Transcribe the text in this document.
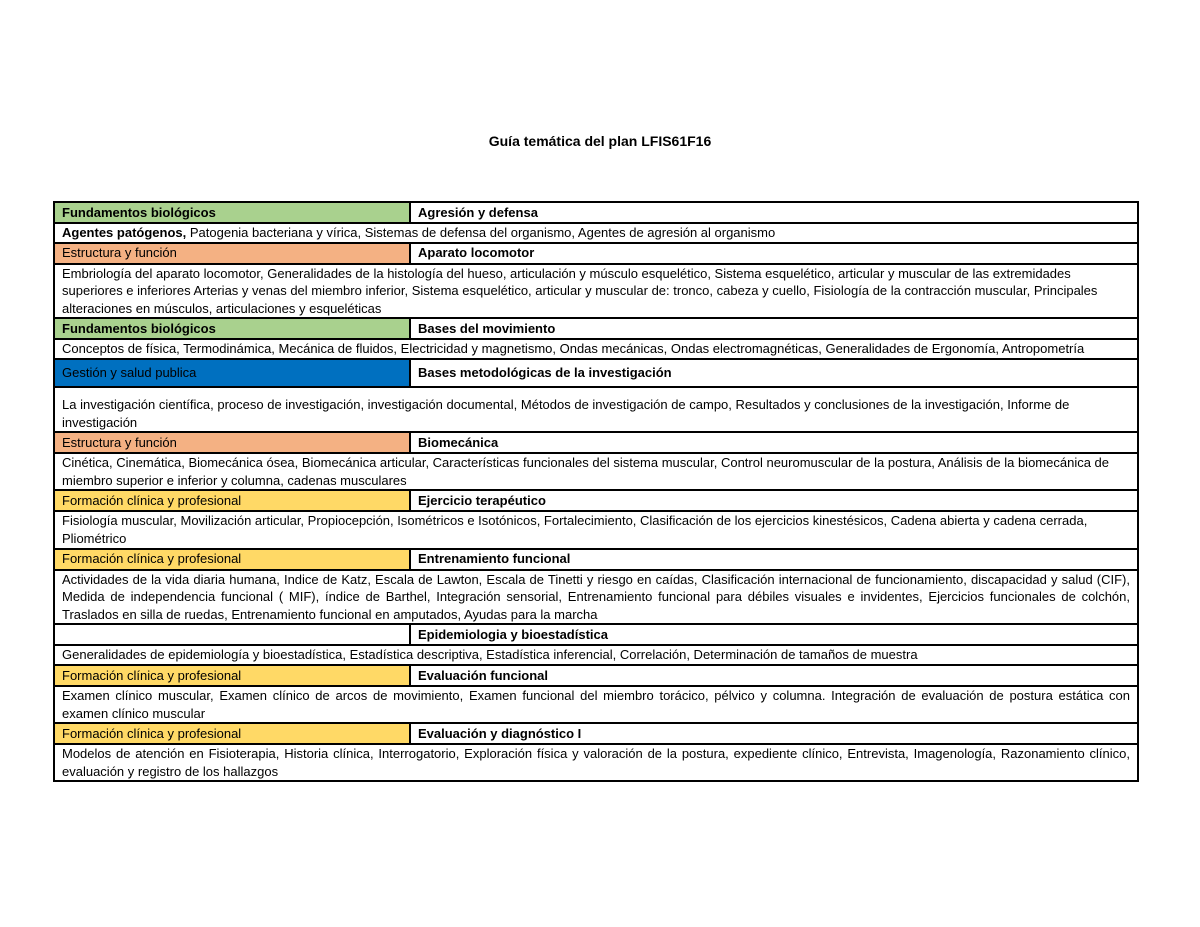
Guía temática del plan LFIS61F16
Fundamentos biológicos	Agresión y defensa
Agentes patógenos, Patogenia bacteriana y vírica, Sistemas de defensa del organismo, Agentes de agresión al organismo	
Estructura y función	Aparato locomotor
Embriología del aparato locomotor, Generalidades de la histología del hueso, articulación y músculo esquelético, Sistema esquelético, articular y muscular de las extremidades superiores e inferiores Arterias y venas del miembro inferior, Sistema esquelético, articular y muscular de: tronco, cabeza y cuello, Fisiología de la contracción muscular, Principales alteraciones en músculos, articulaciones y esqueléticas	
Fundamentos biológicos	Bases del movimiento
Conceptos de física, Termodinámica, Mecánica de fluidos, Electricidad y magnetismo, Ondas mecánicas, Ondas electromagnéticas, Generalidades de Ergonomía, Antropometría	
Gestión y salud publica	Bases metodológicas de la investigación
La investigación científica, proceso de investigación, investigación documental, Métodos de investigación de campo, Resultados y conclusiones de la investigación, Informe de investigación	
Estructura y función	Biomecánica
Cinética, Cinemática, Biomecánica ósea, Biomecánica articular, Características funcionales del sistema muscular, Control neuromuscular de la postura, Análisis de la biomecánica de miembro superior e inferior y columna, cadenas musculares	
Formación clínica y profesional	Ejercicio terapéutico
Fisiología muscular, Movilización articular, Propiocepción, Isométricos e Isotónicos, Fortalecimiento, Clasificación de los ejercicios kinestésicos, Cadena abierta y cadena cerrada, Pliométrico	
Formación clínica y profesional	Entrenamiento funcional
Actividades de la vida diaria humana, Indice de Katz, Escala de Lawton, Escala de Tinetti y riesgo en caídas, Clasificación internacional de funcionamiento, discapacidad y salud (CIF), Medida de independencia funcional ( MIF), índice de Barthel, Integración sensorial, Entrenamiento funcional para débiles visuales e invidentes, Ejercicios funcionales de colchón, Traslados en silla de ruedas, Entrenamiento funcional en amputados, Ayudas para la marcha	
	Epidemiologia y bioestadística
Generalidades de epidemiología y bioestadística, Estadística descriptiva, Estadística inferencial, Correlación, Determinación de tamaños de muestra	
Formación clínica y profesional	Evaluación funcional
Examen clínico muscular, Examen clínico de arcos de movimiento, Examen funcional del miembro torácico, pélvico y columna. Integración de evaluación de postura estática con examen clínico muscular	
Formación clínica y profesional	Evaluación y diagnóstico I
Modelos de atención en Fisioterapia, Historia clínica, Interrogatorio, Exploración física y valoración de la postura, expediente clínico, Entrevista, Imagenología, Razonamiento clínico, evaluación y registro de los hallazgos	
